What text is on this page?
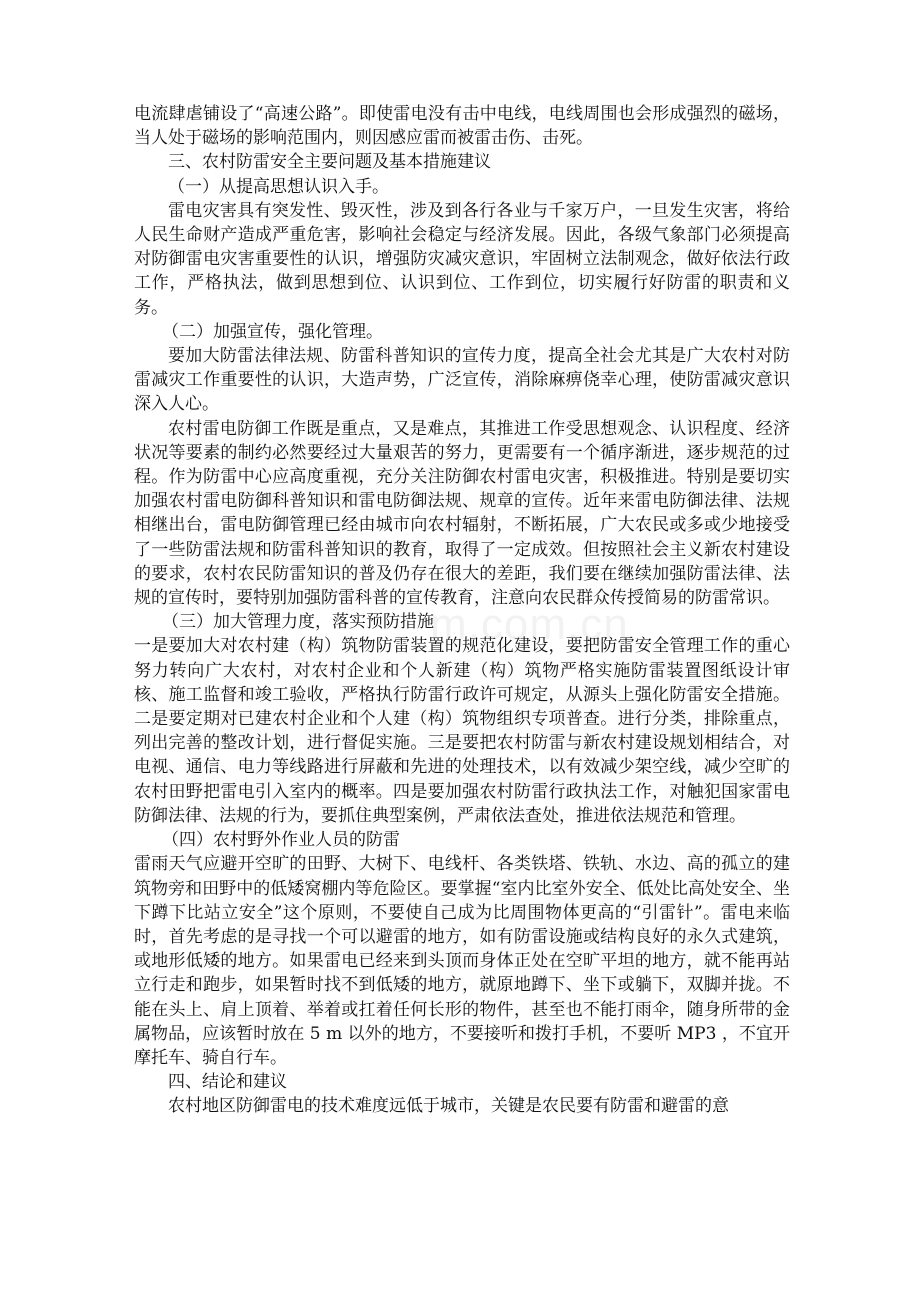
电流肆虐铺设了“高速公路”。即使雷电没有击中电线，电线周围也会形成强烈的磁场，当人处于磁场的影响范围内，则因感应雷而被雷击伤、击死。

三、农村防雷安全主要问题及基本措施建议

（一）从提高思想认识入手。

雷电灾害具有突发性、毁灭性，涉及到各行各业与千家万户，一旦发生灾害，将给人民生命财产造成严重危害，影响社会稳定与经济发展。因此，各级气象部门必须提高对防御雷电灾害重要性的认识，增强防灾减灾意识，牢固树立法制观念，做好依法行政工作，严格执法，做到思想到位、认识到位、工作到位，切实履行好防雷的职责和义务。

（二）加强宣传，强化管理。

要加大防雷法律法规、防雷科普知识的宣传力度，提高全社会尤其是广大农村对防雷减灾工作重要性的认识，大造声势，广泛宣传，消除麻痹侥幸心理，使防雷减灾意识深入人心。

农村雷电防御工作既是重点，又是难点，其推进工作受思想观念、认识程度、经济状况等要素的制约必然要经过大量艰苦的努力，更需要有一个循序渐进，逐步规范的过程。作为防雷中心应高度重视，充分关注防御农村雷电灾害，积极推进。特别是要切实加强农村雷电防御科普知识和雷电防御法规、规章的宣传。近年来雷电防御法律、法规相继出台，雷电防御管理已经由城市向农村辐射，不断拓展，广大农民或多或少地接受了一些防雷法规和防雷科普知识的教育，取得了一定成效。但按照社会主义新农村建设的要求，农村农民防雷知识的普及仍存在很大的差距，我们要在继续加强防雷法律、法规的宣传时，要特别加强防雷科普的宣传教育，注意向农民群众传授简易的防雷常识。

（三）加大管理力度，落实预防措施

一是要加大对农村建（构）筑物防雷装置的规范化建设，要把防雷安全管理工作的重心努力转向广大农村，对农村企业和个人新建（构）筑物严格实施防雷装置图纸设计审核、施工监督和竣工验收，严格执行防雷行政许可规定，从源头上强化防雷安全措施。二是要定期对已建农村企业和个人建（构）筑物组织专项普查。进行分类，排除重点，列出完善的整改计划，进行督促实施。三是要把农村防雷与新农村建设规划相结合，对电视、通信、电力等线路进行屏蔽和先进的处理技术，以有效减少架空线，减少空旷的农村田野把雷电引入室内的概率。四是要加强农村防雷行政执法工作，对触犯国家雷电防御法律、法规的行为，要抓住典型案例，严肃依法查处，推进依法规范和管理。

（四）农村野外作业人员的防雷

雷雨天气应避开空旷的田野、大树下、电线杆、各类铁塔、铁轨、水边、高的孤立的建筑物旁和田野中的低矮窝棚内等危险区。要掌握“室内比室外安全、低处比高处安全、坐下蹲下比站立安全”这个原则，不要使自己成为比周围物体更高的“引雷针”。雷电来临时，首先考虑的是寻找一个可以避雷的地方，如有防雷设施或结构良好的永久式建筑，或地形低矮的地方。如果雷电已经来到头顶而身体正处在空旷平坦的地方，就不能再站立行走和跑步，如果暂时找不到低矮的地方，就原地蹲下、坐下或躺下，双脚并拢。不能在头上、肩上顶着、举着或扛着任何长形的物件，甚至也不能打雨伞，随身所带的金属物品，应该暂时放在 5 m 以外的地方，不要接听和拨打手机，不要听 MP3 ，不宜开摩托车、骑自行车。

四、结论和建议

农村地区防御雷电的技术难度远低于城市，关键是农民要有防雷和避雷的意

m.com.cn
